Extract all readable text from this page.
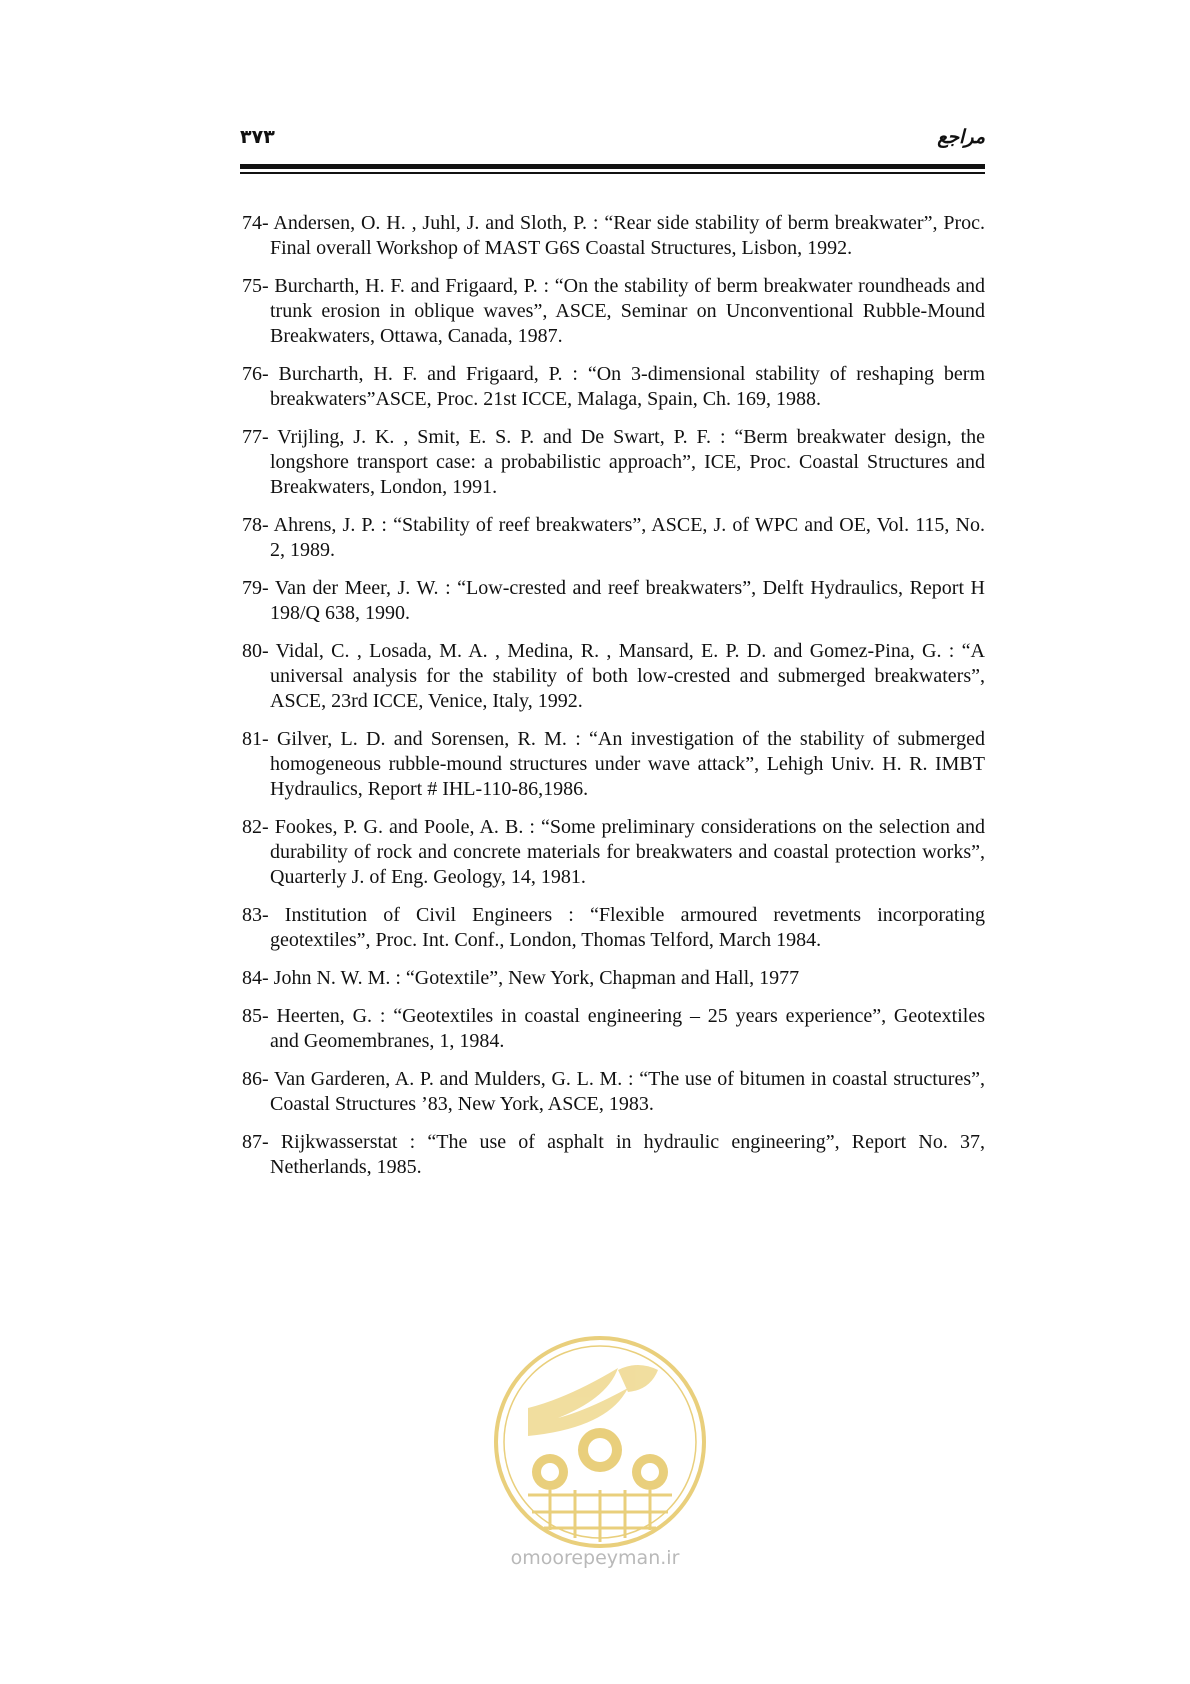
۳۷۳	مراجع
74- Andersen, O. H. , Juhl, J. and Sloth, P. : “Rear side stability of berm breakwater”, Proc. Final overall Workshop of MAST G6S Coastal Structures, Lisbon, 1992.
75- Burcharth, H. F. and Frigaard, P. : “On the stability of berm breakwater roundheads and trunk erosion in oblique waves”, ASCE, Seminar on Unconventional Rubble-Mound Breakwaters, Ottawa, Canada, 1987.
76- Burcharth, H. F. and Frigaard, P. : “On 3-dimensional stability of reshaping berm breakwaters”ASCE, Proc. 21st ICCE, Malaga, Spain, Ch. 169, 1988.
77- Vrijling, J. K. , Smit, E. S. P. and De Swart, P. F. : “Berm breakwater design, the longshore transport case: a probabilistic approach”, ICE, Proc. Coastal Structures and Breakwaters, London, 1991.
78- Ahrens, J. P. : “Stability of reef breakwaters”, ASCE, J. of WPC and OE, Vol. 115, No. 2, 1989.
79- Van der Meer, J. W. : “Low-crested and reef breakwaters”, Delft Hydraulics, Report H 198/Q 638, 1990.
80- Vidal, C. , Losada, M. A. , Medina, R. , Mansard, E. P. D. and Gomez-Pina, G. : “A universal analysis for the stability of both low-crested and submerged breakwaters”, ASCE, 23rd ICCE, Venice, Italy, 1992.
81- Gilver, L. D. and Sorensen, R. M. : “An investigation of the stability of submerged homogeneous rubble-mound structures under wave attack”, Lehigh Univ. H. R. IMBT Hydraulics, Report # IHL-110-86,1986.
82- Fookes, P. G. and Poole, A. B. : “Some preliminary considerations on the selection and durability of rock and concrete materials for breakwaters and coastal protection works”, Quarterly J. of Eng. Geology, 14, 1981.
83- Institution of Civil Engineers : “Flexible armoured revetments incorporating geotextiles”, Proc. Int. Conf., London, Thomas Telford, March 1984.
84- John N. W. M. : “Gotextile”, New York, Chapman and Hall, 1977
85- Heerten, G. : “Geotextiles in coastal engineering – 25 years experience”, Geotextiles and Geomembranes, 1, 1984.
86- Van Garderen, A. P. and Mulders, G. L. M. : “The use of bitumen in coastal structures”, Coastal Structures ’83, New York, ASCE, 1983.
87- Rijkwasserstat : “The use of asphalt in hydraulic engineering”, Report No. 37, Netherlands, 1985.
omoorepeyman.ir
